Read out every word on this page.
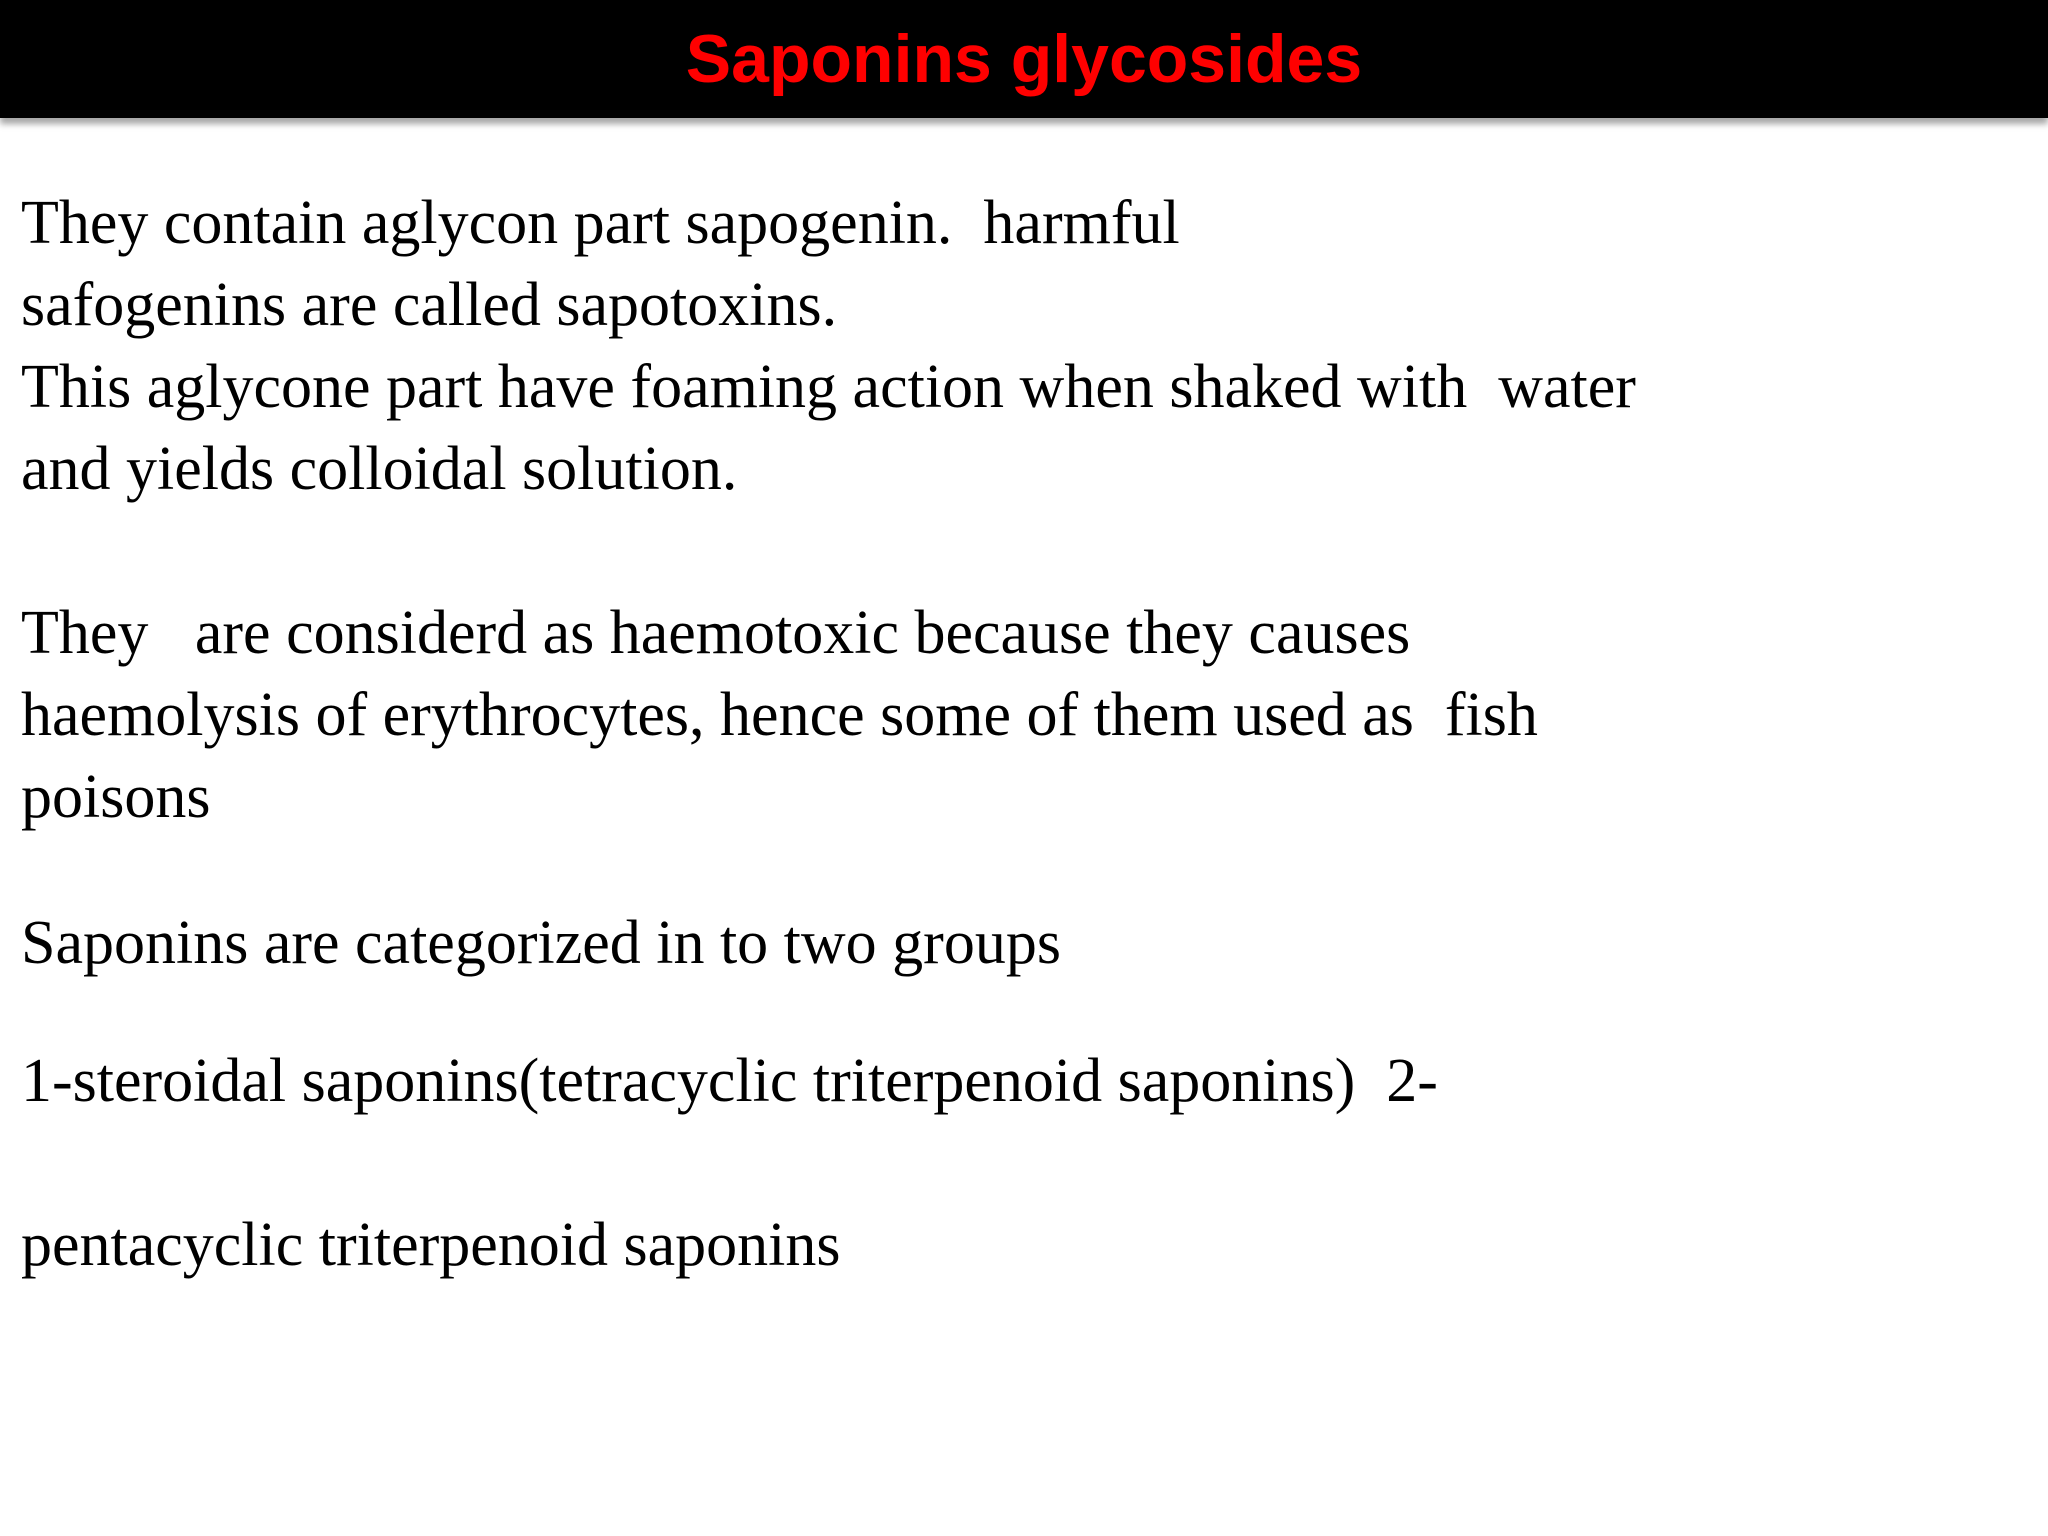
Saponins glycosides
They contain aglycon part sapogenin.  harmful
safogenins are called sapotoxins.
This aglycone part have foaming action when shaked with  water
and yields colloidal solution.
They   are considerd as haemotoxic because they causes
haemolysis of erythrocytes, hence some of them used as  fish
poisons
Saponins are categorized in to two groups
1-steroidal saponins(tetracyclic triterpenoid saponins)  2-
pentacyclic triterpenoid saponins
